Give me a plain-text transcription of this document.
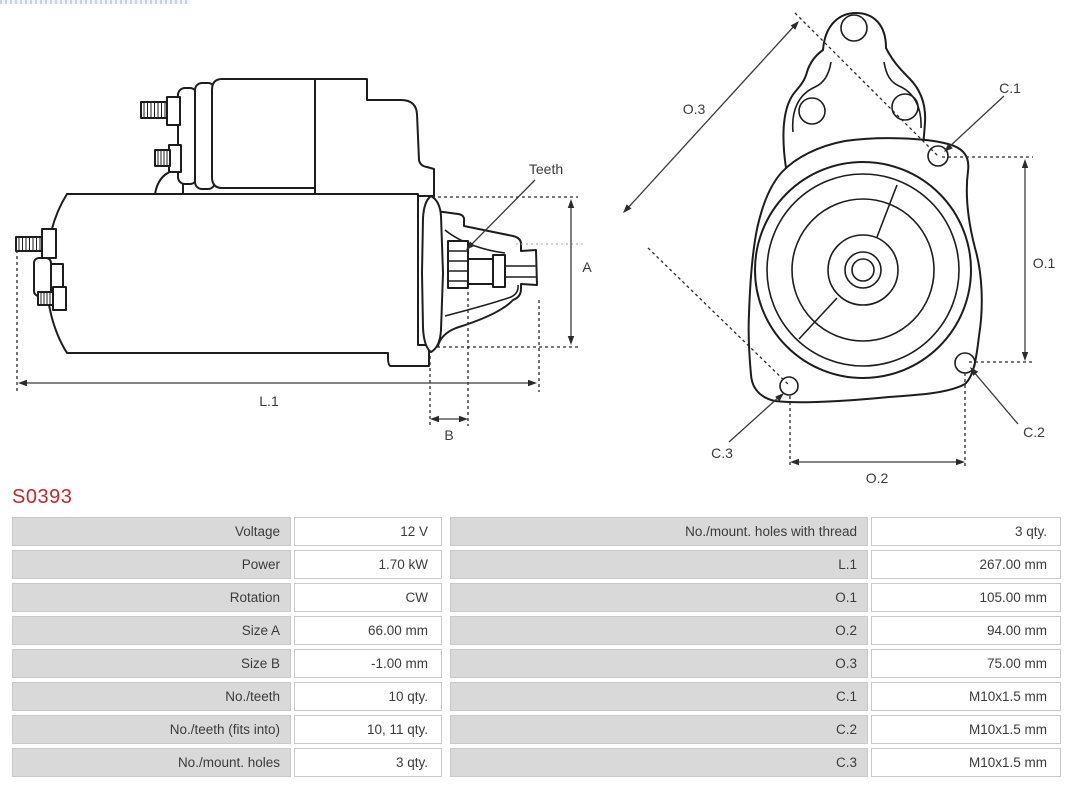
Teeth
A
L.1
B
O.3
C.1
O.1
C.2
C.3
O.2
S0393
Voltage	12 V
Power	1.70 kW
Rotation	CW
Size A	66.00 mm
Size B	-1.00 mm
No./teeth	10 qty.
No./teeth (fits into)	10, 11 qty.
No./mount. holes	3 qty.
No./mount. holes with thread	3 qty.
L.1	267.00 mm
O.1	105.00 mm
O.2	94.00 mm
O.3	75.00 mm
C.1	M10x1.5 mm
C.2	M10x1.5 mm
C.3	M10x1.5 mm
